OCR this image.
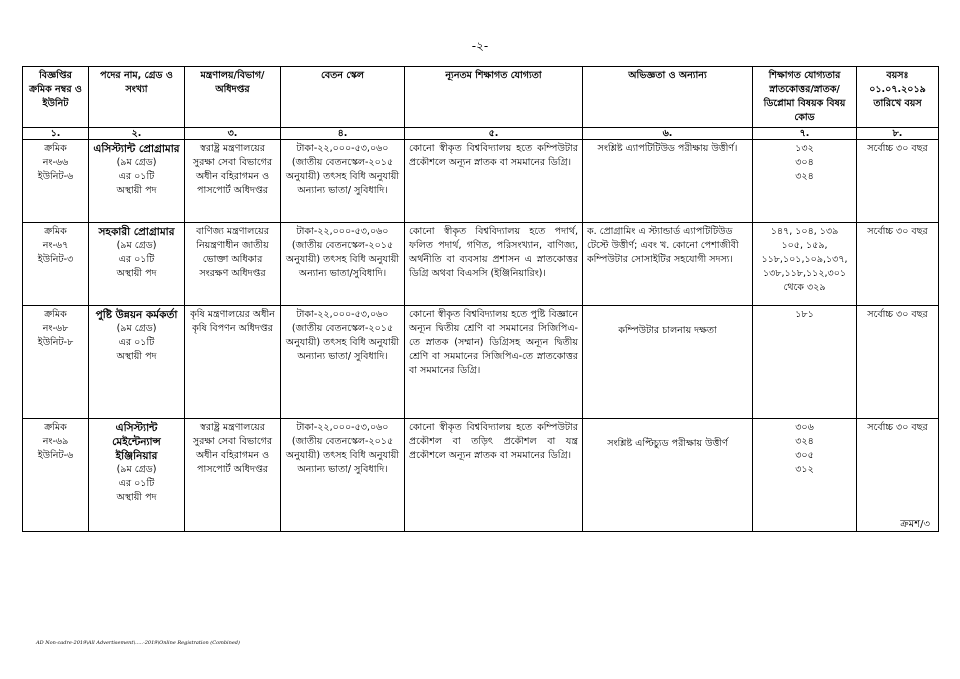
-২-
বিজ্ঞপ্তির ক্রমিক নম্বর ও ইউনিট	পদের নাম, গ্রেড ও সংখ্যা	মন্ত্রণালয়/বিভাগ/ অধিদপ্তর	বেতন স্কেল	ন্যূনতম শিক্ষাগত যোগ্যতা	অভিজ্ঞতা ও অন্যান্য	শিক্ষাগত যোগ্যতার স্নাতকোত্তর/স্নাতক/ ডিপ্লোমা বিষয়ক বিষয় কোড	বয়সঃ ০১.০৭.২০১৯ তারিখে বয়স
১.	২.	৩.	৪.	৫.	৬.	৭.	৮.

ক্রমিক
নং-৬৬
ইউনিট-৬	এসিস্ট্যান্ট প্রোগ্রামার
(৯ম গ্রেড)
এর ০১টি
অস্থায়ী পদ	স্বরাষ্ট্র মন্ত্রণালয়ের সুরক্ষা সেবা বিভাগের অধীন বহিরাগমন ও পাসপোর্ট অধিদপ্তর	টাকা-২২,০০০-৫৩,০৬০ (জাতীয় বেতনস্কেল-২০১৫ অনুযায়ী) তৎসহ বিধি অনুযায়ী অন্যান্য ভাতা/ সুবিধাদি।	কোনো স্বীকৃত বিশ্ববিদ্যালয় হতে কম্পিউটার প্রকৌশলে অন্যূন স্নাতক বা সমমানের ডিগ্রি।	সংশ্লিষ্ট এ্যাপটিটিউড পরীক্ষায় উত্তীর্ণ।	১৩২
৩০৪
৩২৪	সর্বোচ্চ ৩০ বছর

ক্রমিক
নং-৬৭
ইউনিট-৩	সহকারী প্রোগ্রামার
(৯ম গ্রেড)
এর ০১টি
অস্থায়ী পদ	বাণিজ্য মন্ত্রণালয়ের নিয়ন্ত্রণাধীন জাতীয় ভোক্তা অধিকার সংরক্ষণ অধিদপ্তর	টাকা-২২,০০০-৫৩,০৬০ (জাতীয় বেতনস্কেল-২০১৫ অনুযায়ী) তৎসহ বিধি অনুযায়ী অন্যান্য ভাতা/সুবিধাদি।	কোনো স্বীকৃত বিশ্ববিদ্যালয় হতে পদার্থ, ফলিত পদার্থ, গণিত, পরিসংখ্যান, বাণিজ্য, অর্থনীতি বা ব্যবসায় প্রশাসন এ স্নাতকোত্তর ডিগ্রি অথবা বিএসসি (ইঞ্জিনিয়ারিং)।	ক. প্রোগ্রামিং এ স্ট্যান্ডার্ড এ্যাপটিটিউড টেস্টে উত্তীর্ণ; এবং খ. কোনো পেশাজীবী কম্পিউটার সোসাইটির সহযোগী সদস্য।	১৪৭, ১০৪, ১৩৯
১০৫, ১৫৯,
১১৮,১০১,১০৯,১৩৭,
১৩৮,১১৮,১১২,৩০১
থেকে ৩২৯	সর্বোচ্চ ৩০ বছর

ক্রমিক
নং-৬৮
ইউনিট-৮	পুষ্টি উন্নয়ন কর্মকর্তা
(৯ম গ্রেড)
এর ০১টি
অস্থায়ী পদ	কৃষি মন্ত্রণালয়ের অধীন কৃষি বিপণন অধিদপ্তর	টাকা-২২,০০০-৫৩,০৬০ (জাতীয় বেতনস্কেল-২০১৫ অনুযায়ী) তৎসহ বিধি অনুযায়ী অন্যান্য ভাতা/ সুবিধাদি।	কোনো স্বীকৃত বিশ্ববিদ্যালয় হতে পুষ্টি বিজ্ঞানে অন্যূন দ্বিতীয় শ্রেণি বা সমমানের সিজিপিএ-তে স্নাতক (সম্মান) ডিগ্রিসহ অন্যূন দ্বিতীয় শ্রেণি বা সমমানের সিজিপিএ-তে স্নাতকোত্তর বা সমমানের ডিগ্রি।	কম্পিউটার চালনায় দক্ষতা	১৮১	সর্বোচ্চ ৩০ বছর

ক্রমিক
নং-৬৯
ইউনিট-৬	এসিস্ট্যান্ট মেইন্টেন্যান্স ইঞ্জিনিয়ার
(৯ম গ্রেড)
এর ০১টি
অস্থায়ী পদ	স্বরাষ্ট্র মন্ত্রণালয়ের সুরক্ষা সেবা বিভাগের অধীন বহিরাগমন ও পাসপোর্ট অধিদপ্তর	টাকা-২২,০০০-৫৩,০৬০ (জাতীয় বেতনস্কেল-২০১৫ অনুযায়ী) তৎসহ বিধি অনুযায়ী অন্যান্য ভাতা/ সুবিধাদি।	কোনো স্বীকৃত বিশ্ববিদ্যালয় হতে কম্পিউটার প্রকৌশল বা তড়িৎ প্রকৌশল বা যন্ত্র প্রকৌশলে অন্যূন স্নাতক বা সমমানের ডিগ্রি।	সংশ্লিষ্ট এপ্টিচ্যুড পরীক্ষায় উত্তীর্ণ	৩০৬
৩২৪
৩০৫
৩১২	সর্বোচ্চ ৩০ বছর
ক্রমশ/৩
AD Non-cadre-2019\All Advertisement\.....-2019\Online Registration (Combined)
